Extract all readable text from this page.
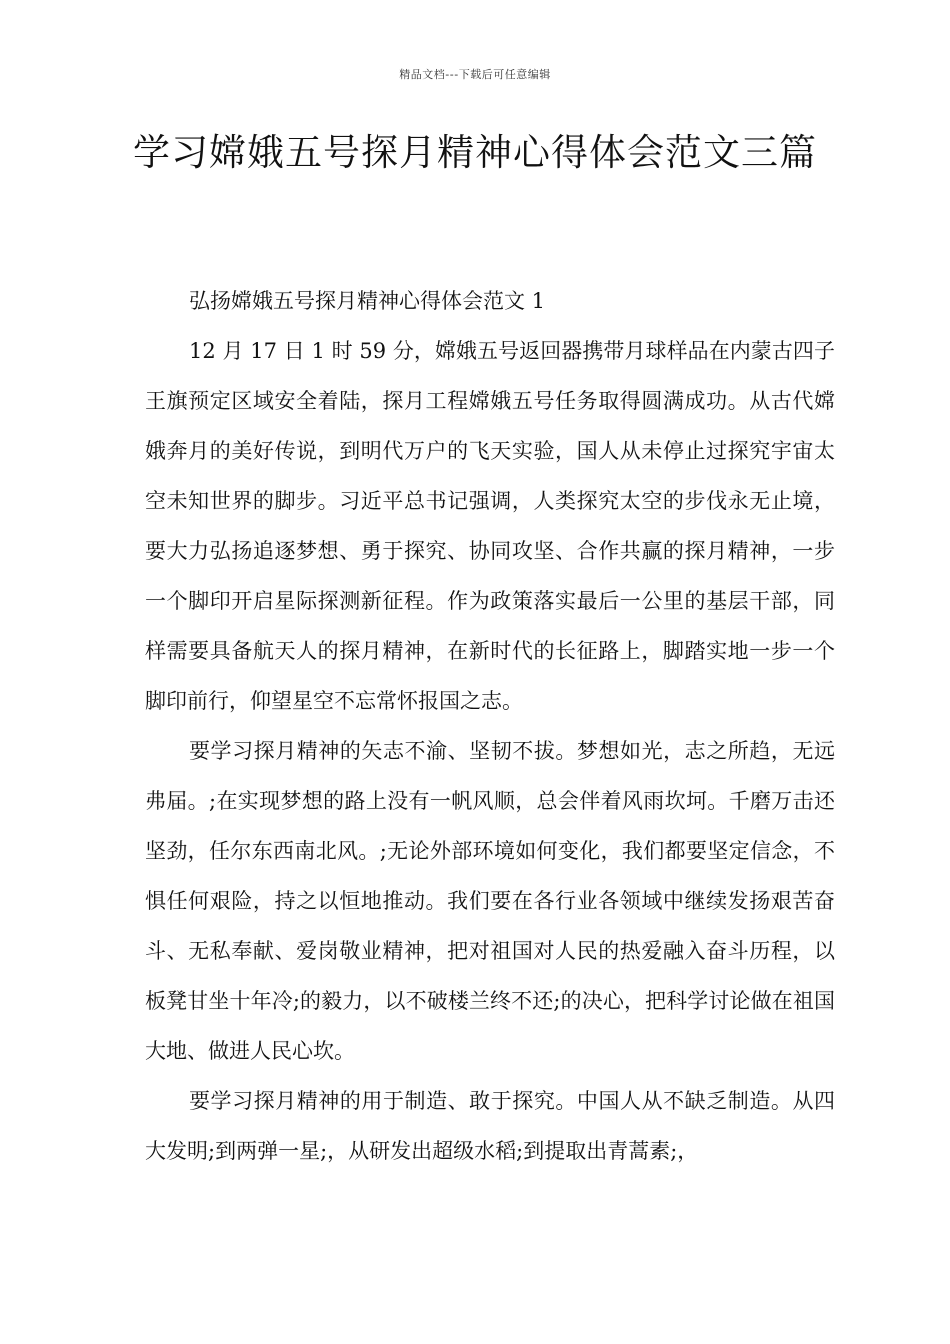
精品文档---下载后可任意编辑
学习嫦娥五号探月精神心得体会范文三篇

弘扬嫦娥五号探月精神心得体会范文 1

12 月 17 日 1 时 59 分，嫦娥五号返回器携带月球样品在内蒙古四子王旗预定区域安全着陆，探月工程嫦娥五号任务取得圆满成功。从古代嫦娥奔月的美好传说，到明代万户的飞天实验，国人从未停止过探究宇宙太空未知世界的脚步。习近平总书记强调，人类探究太空的步伐永无止境，要大力弘扬追逐梦想、勇于探究、协同攻坚、合作共赢的探月精神，一步一个脚印开启星际探测新征程。作为政策落实最后一公里的基层干部，同样需要具备航天人的探月精神，在新时代的长征路上，脚踏实地一步一个脚印前行，仰望星空不忘常怀报国之志。

要学习探月精神的矢志不渝、坚韧不拔。梦想如光，志之所趋，无远弗届。;在实现梦想的路上没有一帆风顺，总会伴着风雨坎坷。千磨万击还坚劲，任尔东西南北风。;无论外部环境如何变化，我们都要坚定信念，不惧任何艰险，持之以恒地推动。我们要在各行业各领域中继续发扬艰苦奋斗、无私奉献、爱岗敬业精神，把对祖国对人民的热爱融入奋斗历程，以板凳甘坐十年冷;的毅力，以不破楼兰终不还;的决心，把科学讨论做在祖国大地、做进人民心坎。

要学习探月精神的用于制造、敢于探究。中国人从不缺乏制造。从四大发明;到两弹一星;，从研发出超级水稻;到提取出青蒿素;，
